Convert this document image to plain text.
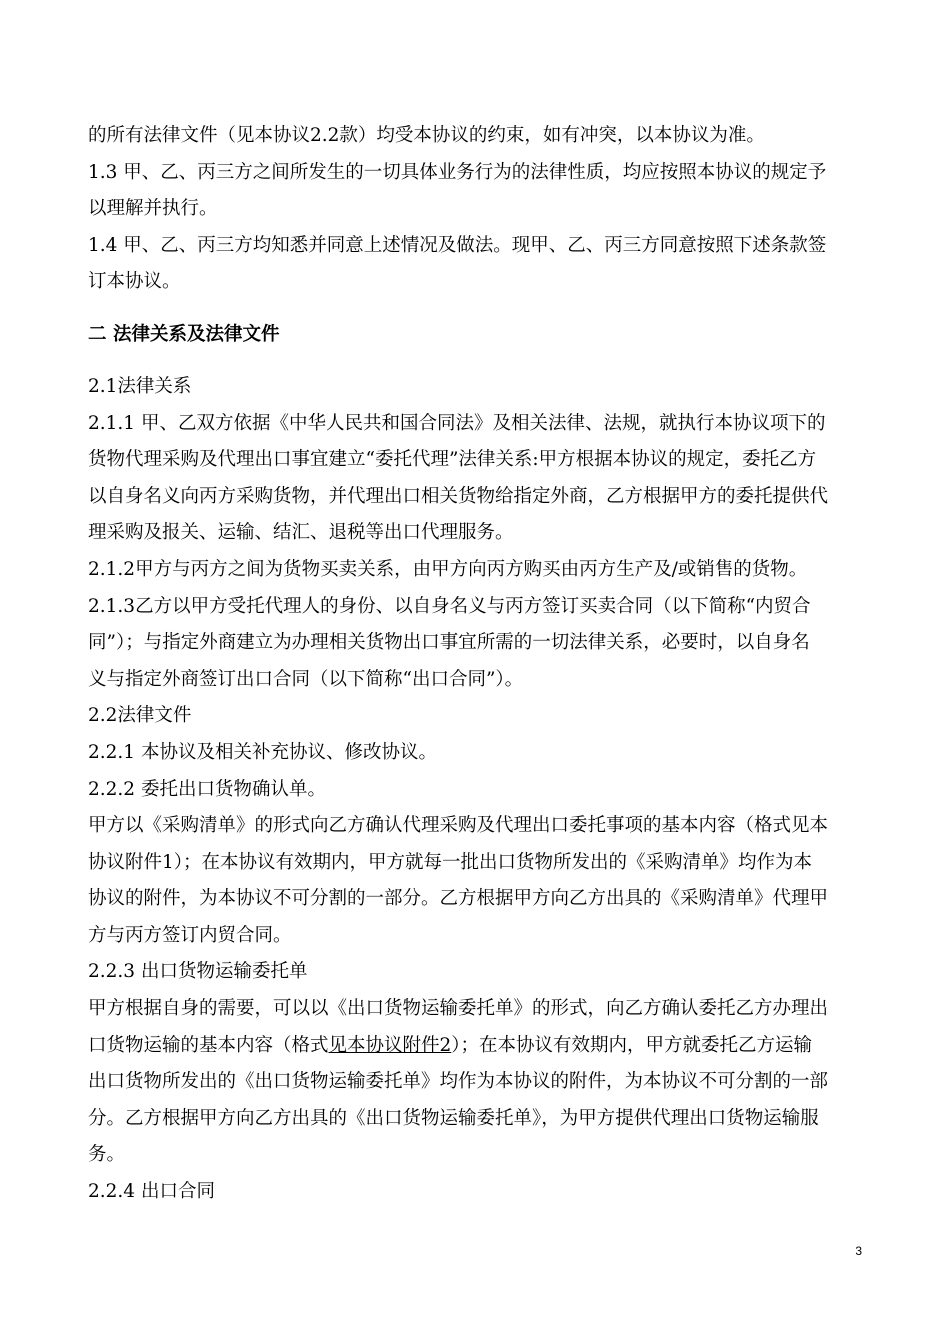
的所有法律文件（见本协议2.2款）均受本协议的约束，如有冲突，以本协议为准。
1.3 甲、乙、丙三方之间所发生的一切具体业务行为的法律性质，均应按照本协议的规定予
以理解并执行。
1.4 甲、乙、丙三方均知悉并同意上述情况及做法。现甲、乙、丙三方同意按照下述条款签
订本协议。
二 法律关系及法律文件
2.1法律关系
2.1.1 甲、乙双方依据《中华人民共和国合同法》及相关法律、法规，就执行本协议项下的
货物代理采购及代理出口事宜建立“委托代理”法律关系:甲方根据本协议的规定，委托乙方
以自身名义向丙方采购货物，并代理出口相关货物给指定外商，乙方根据甲方的委托提供代
理采购及报关、运输、结汇、退税等出口代理服务。
2.1.2甲方与丙方之间为货物买卖关系，由甲方向丙方购买由丙方生产及/或销售的货物。
2.1.3乙方以甲方受托代理人的身份、以自身名义与丙方签订买卖合同（以下简称“内贸合
同”）；与指定外商建立为办理相关货物出口事宜所需的一切法律关系，必要时，以自身名
义与指定外商签订出口合同（以下简称“出口合同”）。
2.2法律文件
2.2.1 本协议及相关补充协议、修改协议。
2.2.2 委托出口货物确认单。
甲方以《采购清单》的形式向乙方确认代理采购及代理出口委托事项的基本内容（格式见本
协议附件1）；在本协议有效期内，甲方就每一批出口货物所发出的《采购清单》均作为本
协议的附件，为本协议不可分割的一部分。乙方根据甲方向乙方出具的《采购清单》代理甲
方与丙方签订内贸合同。
2.2.3 出口货物运输委托单
甲方根据自身的需要，可以以《出口货物运输委托单》的形式，向乙方确认委托乙方办理出
口货物运输的基本内容（格式见本协议附件2）；在本协议有效期内，甲方就委托乙方运输
出口货物所发出的《出口货物运输委托单》均作为本协议的附件，为本协议不可分割的一部
分。乙方根据甲方向乙方出具的《出口货物运输委托单》，为甲方提供代理出口货物运输服
务。
2.2.4 出口合同
3
